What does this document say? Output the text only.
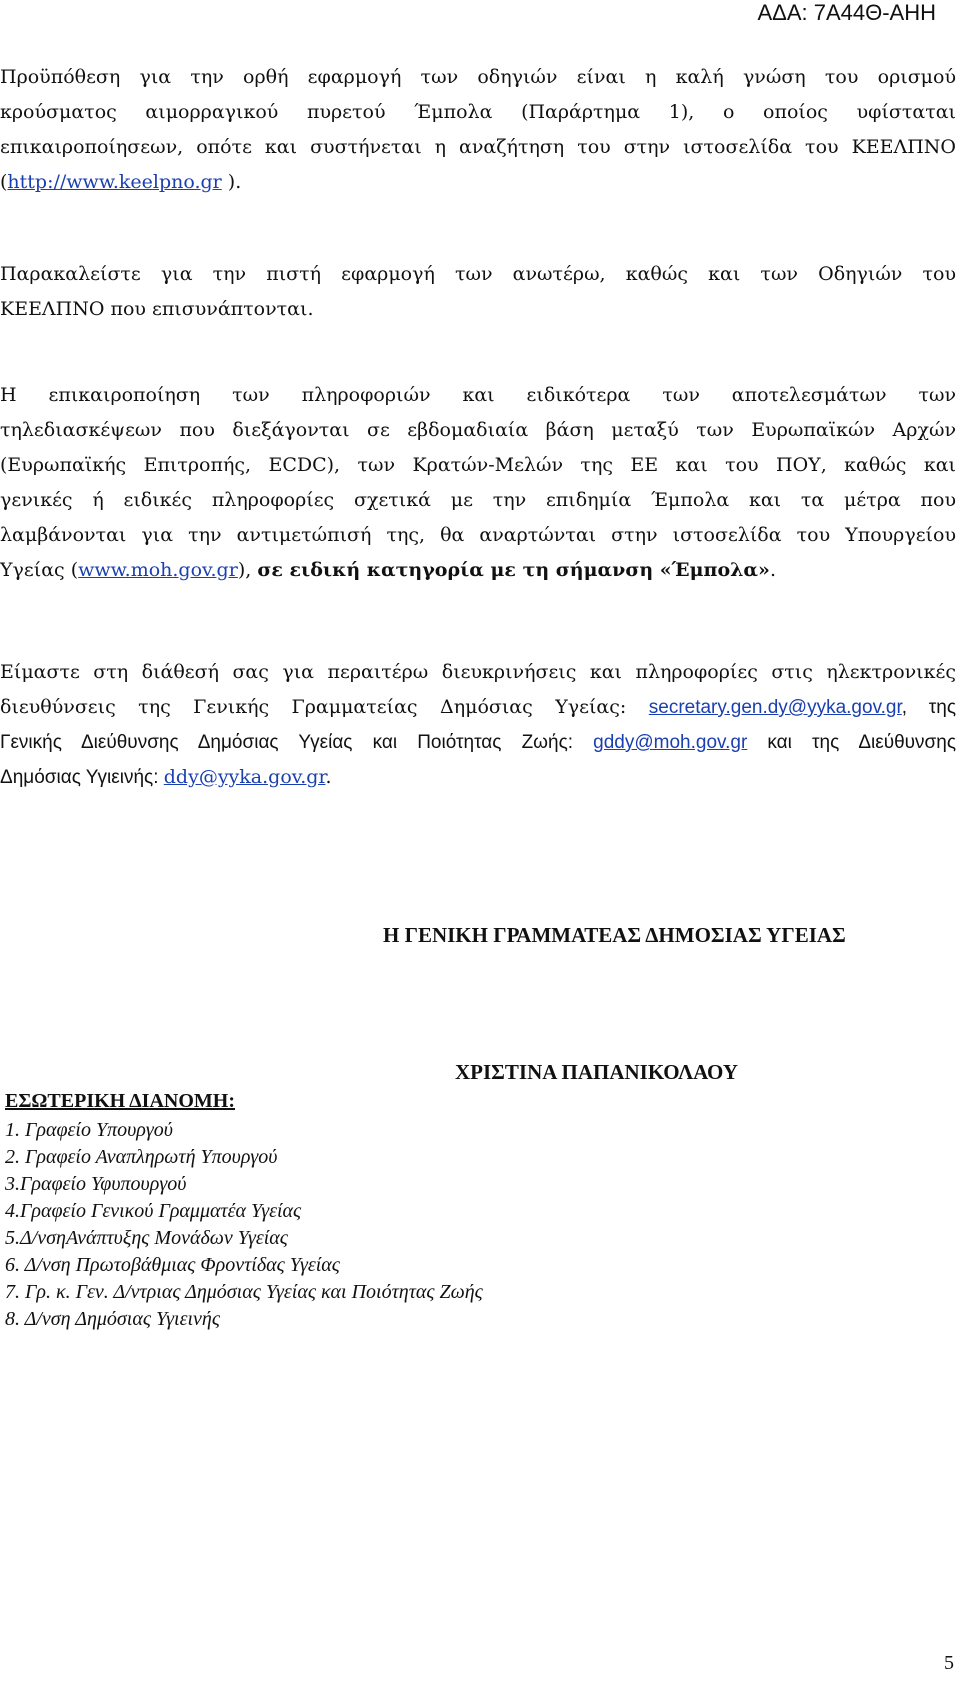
ΑΔΑ: 7Α44Θ-ΑΗΗ
Προϋπόθεση για την ορθή εφαρμογή των οδηγιών είναι η καλή γνώση του ορισμού
κρούσματος αιμορραγικού πυρετού Έμπολα (Παράρτημα 1), ο οποίος υφίσταται
επικαιροποίησεων, οπότε και συστήνεται η αναζήτηση του στην ιστοσελίδα του ΚΕΕΛΠΝΟ
(http://www.keelpno.gr ).
Παρακαλείστε για την πιστή εφαρμογή των ανωτέρω, καθώς και των Οδηγιών του
ΚΕΕΛΠΝΟ που επισυνάπτονται.
Η επικαιροποίηση των πληροφοριών και ειδικότερα των αποτελεσμάτων των
τηλεδιασκέψεων που διεξάγονται σε εβδομαδιαία βάση μεταξύ των Ευρωπαϊκών Αρχών
(Ευρωπαϊκής Επιτροπής, ECDC), των Κρατών-Μελών της ΕΕ και του ΠΟΥ, καθώς και
γενικές ή ειδικές πληροφορίες σχετικά με την επιδημία Έμπολα και τα μέτρα που
λαμβάνονται για την αντιμετώπισή της, θα αναρτώνται στην ιστοσελίδα του Υπουργείου
Υγείας (www.moh.gov.gr), σε ειδική κατηγορία με τη σήμανση «Έμπολα».
Είμαστε στη διάθεσή σας για περαιτέρω διευκρινήσεις και πληροφορίες στις ηλεκτρονικές
διευθύνσεις της Γενικής Γραμματείας Δημόσιας Υγείας: secretary.gen.dy@yyka.gov.gr, της
Γενικής Διεύθυνσης Δημόσιας Υγείας και Ποιότητας Ζωής: gddy@moh.gov.gr και της Διεύθυνσης
Δημόσιας Υγιεινής: ddy@yyka.gov.gr.
Η ΓΕΝΙΚΗ ΓΡΑΜΜΑΤΕΑΣ ΔΗΜΟΣΙΑΣ ΥΓΕΙΑΣ
ΧΡΙΣΤΙΝΑ ΠΑΠΑΝΙΚΟΛΑΟΥ
ΕΣΩΤΕΡΙΚΗ ΔΙΑΝΟΜΗ:
1. Γραφείο Υπουργού
2. Γραφείο Αναπληρωτή Υπουργού
3.Γραφείο Υφυπουργού
4.Γραφείο Γενικού Γραμματέα Υγείας
5.Δ/νσηΑνάπτυξης Μονάδων Υγείας
6. Δ/νση Πρωτοβάθμιας Φροντίδας Υγείας
7. Γρ. κ. Γεν. Δ/ντριας Δημόσιας Υγείας και Ποιότητας Ζωής
8. Δ/νση Δημόσιας Υγιεινής
5
